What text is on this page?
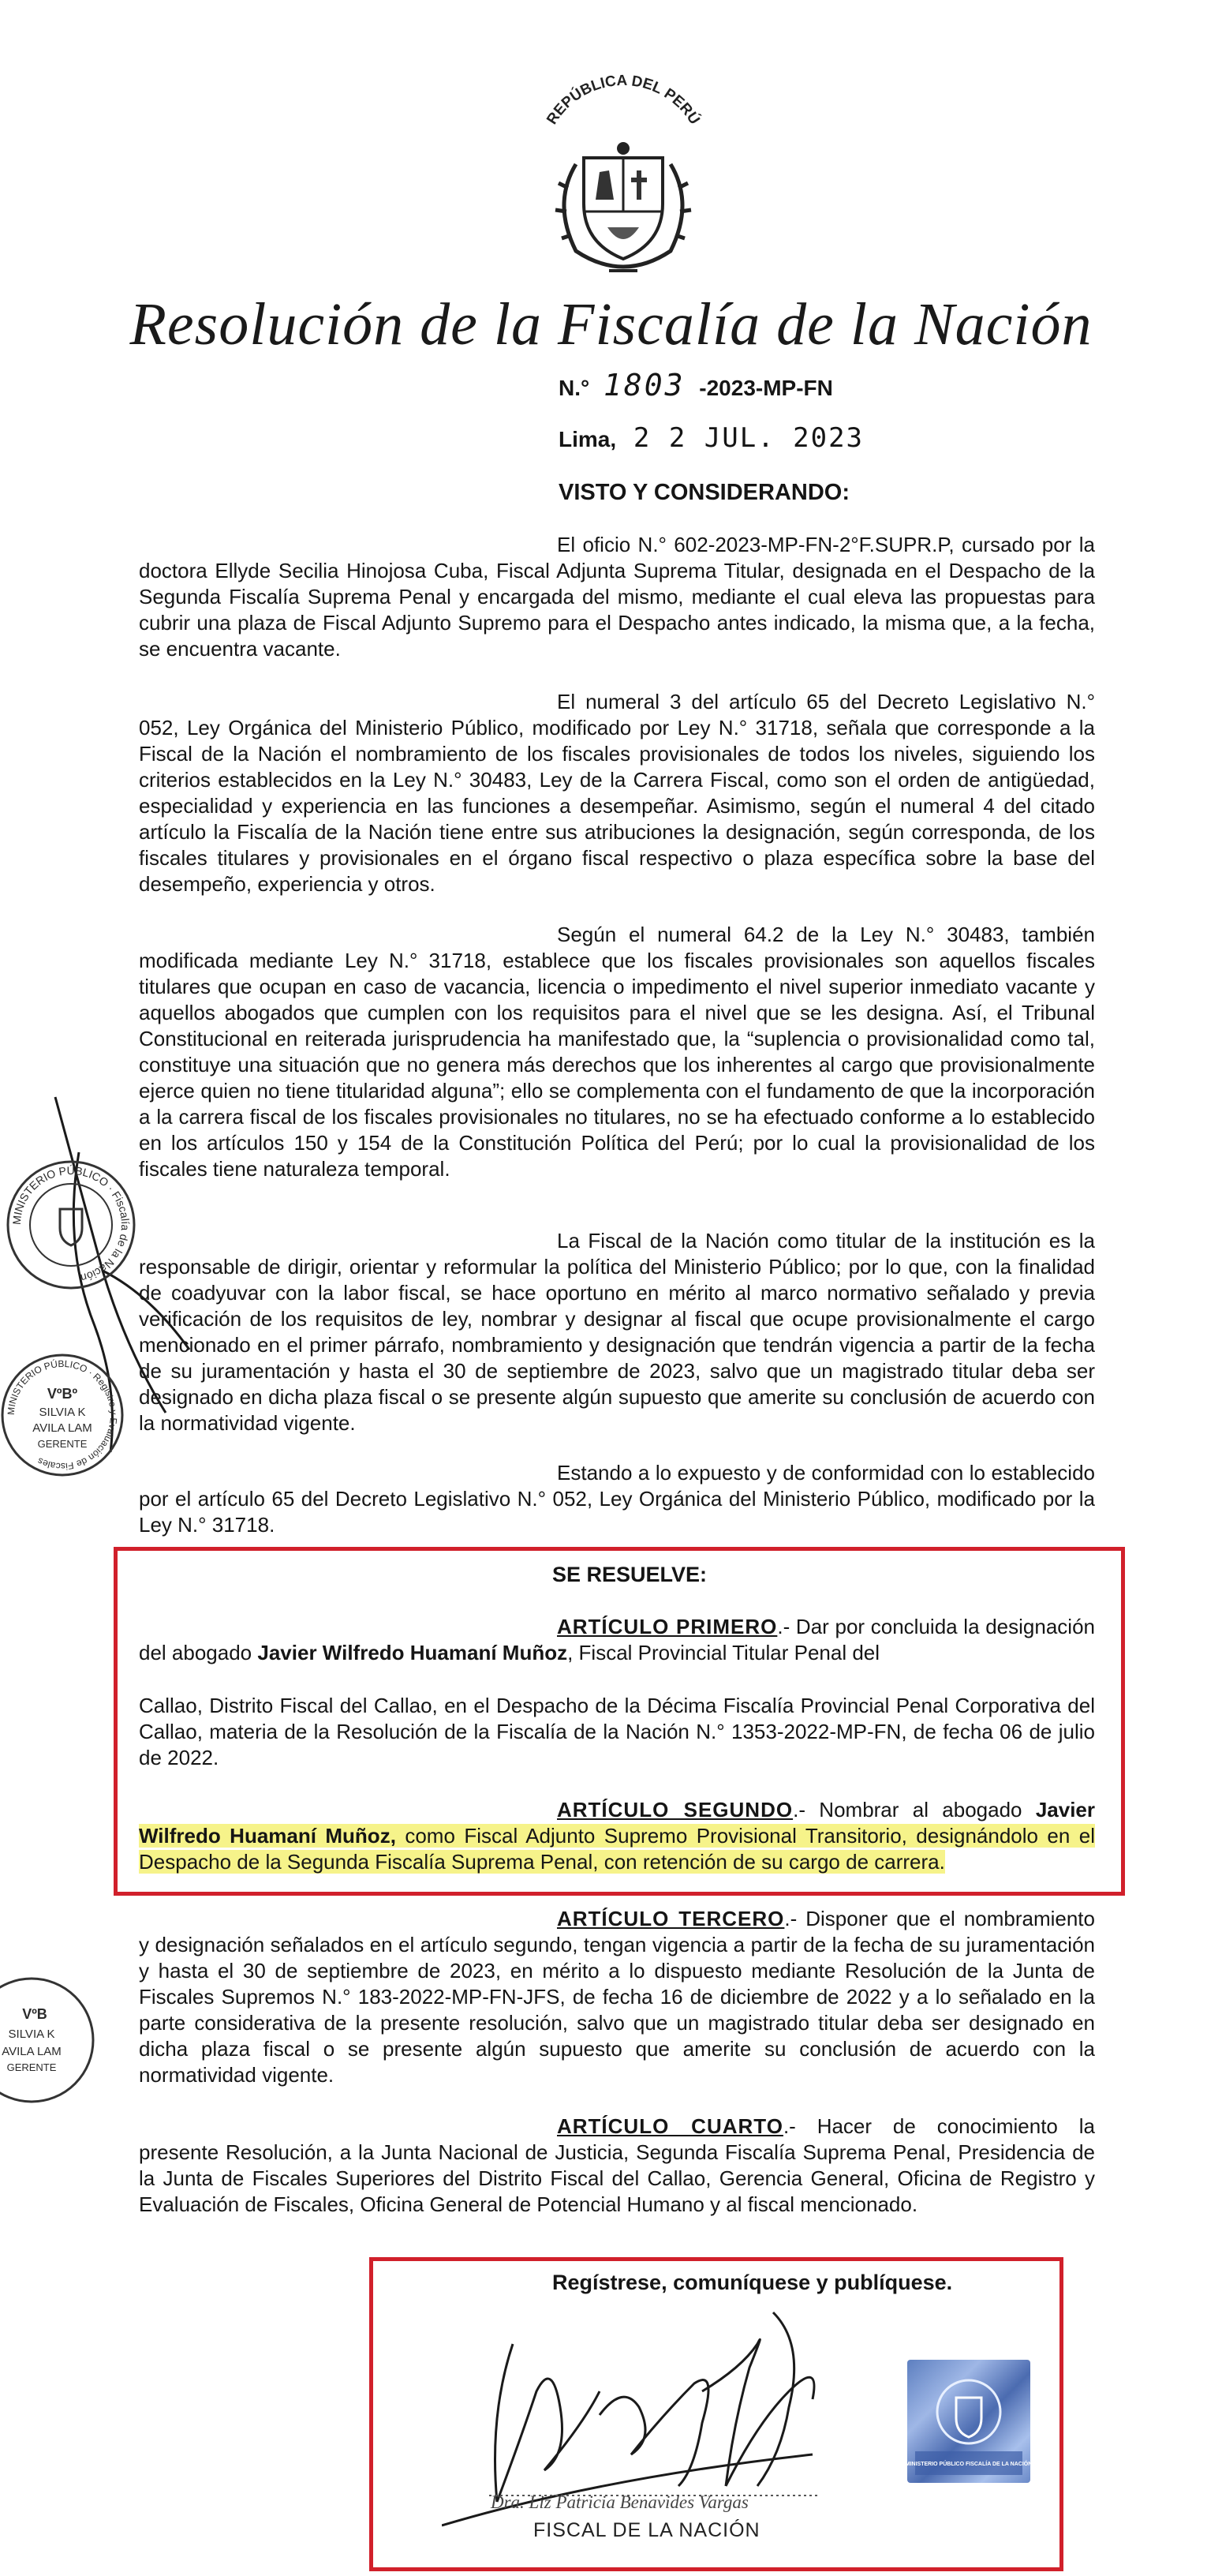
REPÚBLICA DEL PERÚ
Resolución de la Fiscalía de la Nación
N.° 1803 -2023-MP-FN
Lima, 2 2 JUL. 2023
VISTO Y CONSIDERANDO:

El oficio N.° 602-2023-MP-FN-2°F.SUPR.P, cursado por la doctora Ellyde Secilia Hinojosa Cuba, Fiscal Adjunta Suprema Titular, designada en el Despacho de la Segunda Fiscalía Suprema Penal y encargada del mismo, mediante el cual eleva las propuestas para cubrir una plaza de Fiscal Adjunto Supremo para el Despacho antes indicado, la misma que, a la fecha, se encuentra vacante.

El numeral 3 del artículo 65 del Decreto Legislativo N.° 052, Ley Orgánica del Ministerio Público, modificado por Ley N.° 31718, señala que corresponde a la Fiscal de la Nación el nombramiento de los fiscales provisionales de todos los niveles, siguiendo los criterios establecidos en la Ley N.° 30483, Ley de la Carrera Fiscal, como son el orden de antigüedad, especialidad y experiencia en las funciones a desempeñar. Asimismo, según el numeral 4 del citado artículo la Fiscalía de la Nación tiene entre sus atribuciones la designación, según corresponda, de los fiscales titulares y provisionales en el órgano fiscal respectivo o plaza específica sobre la base del desempeño, experiencia y otros.

Según el numeral 64.2 de la Ley N.° 30483, también modificada mediante Ley N.° 31718, establece que los fiscales provisionales son aquellos fiscales titulares que ocupan en caso de vacancia, licencia o impedimento el nivel superior inmediato vacante y aquellos abogados que cumplen con los requisitos para el nivel que se les designa. Así, el Tribunal Constitucional en reiterada jurisprudencia ha manifestado que, la “suplencia o provisionalidad como tal, constituye una situación que no genera más derechos que los inherentes al cargo que provisionalmente ejerce quien no tiene titularidad alguna”; ello se complementa con el fundamento de que la incorporación a la carrera fiscal de los fiscales provisionales no titulares, no se ha efectuado conforme a lo establecido en los artículos 150 y 154 de la Constitución Política del Perú; por lo cual la provisionalidad de los fiscales tiene naturaleza temporal.

La Fiscal de la Nación como titular de la institución es la responsable de dirigir, orientar y reformular la política del Ministerio Público; por lo que, con la finalidad de coadyuvar con la labor fiscal, se hace oportuno en mérito al marco normativo señalado y previa verificación de los requisitos de ley, nombrar y designar al fiscal que ocupe provisionalmente el cargo mencionado en el primer párrafo, nombramiento y designación que tendrán vigencia a partir de la fecha de su juramentación y hasta el 30 de septiembre de 2023, salvo que un magistrado titular deba ser designado en dicha plaza fiscal o se presente algún supuesto que amerite su conclusión de acuerdo con la normatividad vigente.

Estando a lo expuesto y de conformidad con lo establecido por el artículo 65 del Decreto Legislativo N.° 052, Ley Orgánica del Ministerio Público, modificado por la Ley N.° 31718.

SE RESUELVE:

ARTÍCULO PRIMERO.- Dar por concluida la designación del abogado Javier Wilfredo Huamaní Muñoz, Fiscal Provincial Titular Penal del

Callao, Distrito Fiscal del Callao, en el Despacho de la Décima Fiscalía Provincial Penal Corporativa del Callao, materia de la Resolución de la Fiscalía de la Nación N.° 1353-2022-MP-FN, de fecha 06 de julio de 2022.

ARTÍCULO SEGUNDO.- Nombrar al abogado Javier Wilfredo Huamaní Muñoz, como Fiscal Adjunto Supremo Provisional Transitorio, designándolo en el Despacho de la Segunda Fiscalía Suprema Penal, con retención de su cargo de carrera.

ARTÍCULO TERCERO.- Disponer que el nombramiento y designación señalados en el artículo segundo, tengan vigencia a partir de la fecha de su juramentación y hasta el 30 de septiembre de 2023, en mérito a lo dispuesto mediante Resolución de la Junta de Fiscales Supremos N.° 183-2022-MP-FN-JFS, de fecha 16 de diciembre de 2022 y a lo señalado en la parte considerativa de la presente resolución, salvo que un magistrado titular deba ser designado en dicha plaza fiscal o se presente algún supuesto que amerite su conclusión de acuerdo con la normatividad vigente.

ARTÍCULO CUARTO.- Hacer de conocimiento la presente Resolución, a la Junta Nacional de Justicia, Segunda Fiscalía Suprema Penal, Presidencia de la Junta de Fiscales Superiores del Distrito Fiscal del Callao, Gerencia General, Oficina de Registro y Evaluación de Fiscales, Oficina General de Potencial Humano y al fiscal mencionado.

Regístrese, comuníquese y publíquese.

Dra. Liz Patricia Benavides Vargas

FISCAL DE LA NACIÓN

MINISTERIO PÚBLICO FISCALÍA DE LA NACIÓN
MINISTERIO PÚBLICO · Fiscalía de la Nación
MINISTERIO PÚBLICO · Registro y Evaluación de Fiscales
VºBº
SILVIA K
AVILA LAM
GERENTE
VºB
SILVIA K
AVILA LAM
GERENTE
